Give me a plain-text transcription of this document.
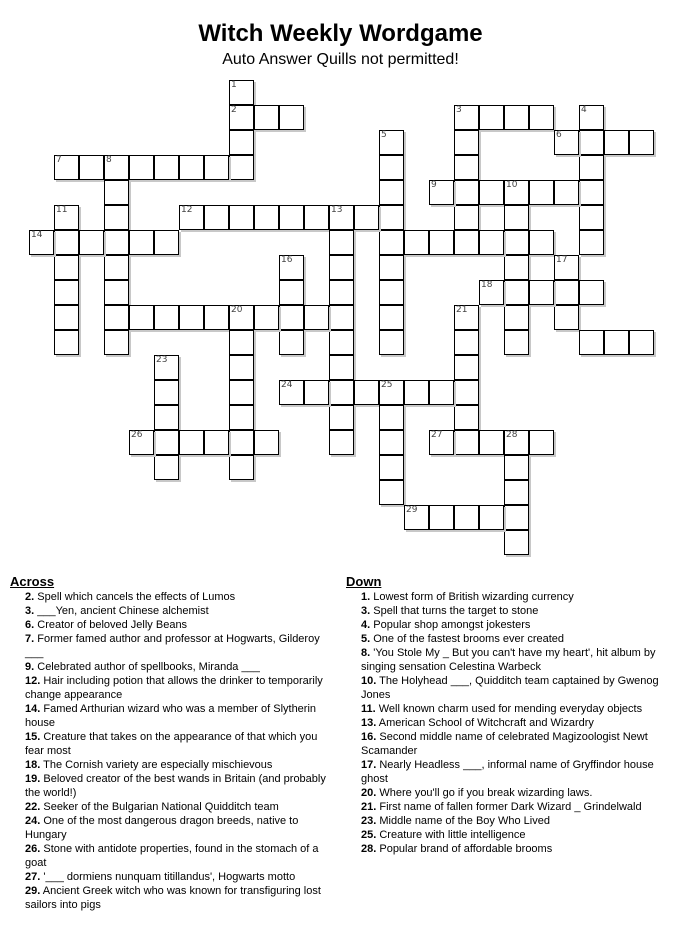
Witch Weekly Wordgame
Auto Answer Quills not permitted!
1
2	3	4
6
5
7	8
9	10
11	12	13
14
16	17
18
20	21
23
24	25
26	27	28
29
Across
2. Spell which cancels the effects of Lumos
3. ___Yen, ancient Chinese alchemist
6. Creator of beloved Jelly Beans
7. Former famed author and professor at Hogwarts, Gilderoy ___
9. Celebrated author of spellbooks, Miranda ___
12. Hair including potion that allows the drinker to temporarily change appearance
14. Famed Arthurian wizard who was a member of Slytherin house
15. Creature that takes on the appearance of that which you fear most
18. The Cornish variety are especially mischievous
19. Beloved creator of the best wands in Britain (and probably the world!)
22. Seeker of the Bulgarian National Quidditch team
24. One of the most dangerous dragon breeds, native to Hungary
26. Stone with antidote properties, found in the stomach of a goat
27. '___ dormiens nunquam titillandus', Hogwarts motto
29. Ancient Greek witch who was known for transfiguring lost sailors into pigs
Down
1. Lowest form of British wizarding currency
3. Spell that turns the target to stone
4. Popular shop amongst jokesters
5. One of the fastest brooms ever created
8. 'You Stole My _ But you can't have my heart', hit album by singing sensation Celestina Warbeck
10. The Holyhead ___, Quidditch team captained by Gwenog Jones
11. Well known charm used for mending everyday objects
13. American School of Witchcraft and Wizardry
16. Second middle name of celebrated Magizoologist Newt Scamander
17. Nearly Headless ___, informal name of Gryffindor house ghost
20. Where you'll go if you break wizarding laws.
21. First name of fallen former Dark Wizard _ Grindelwald
23. Middle name of the Boy Who Lived
25. Creature with little intelligence
28. Popular brand of affordable brooms
